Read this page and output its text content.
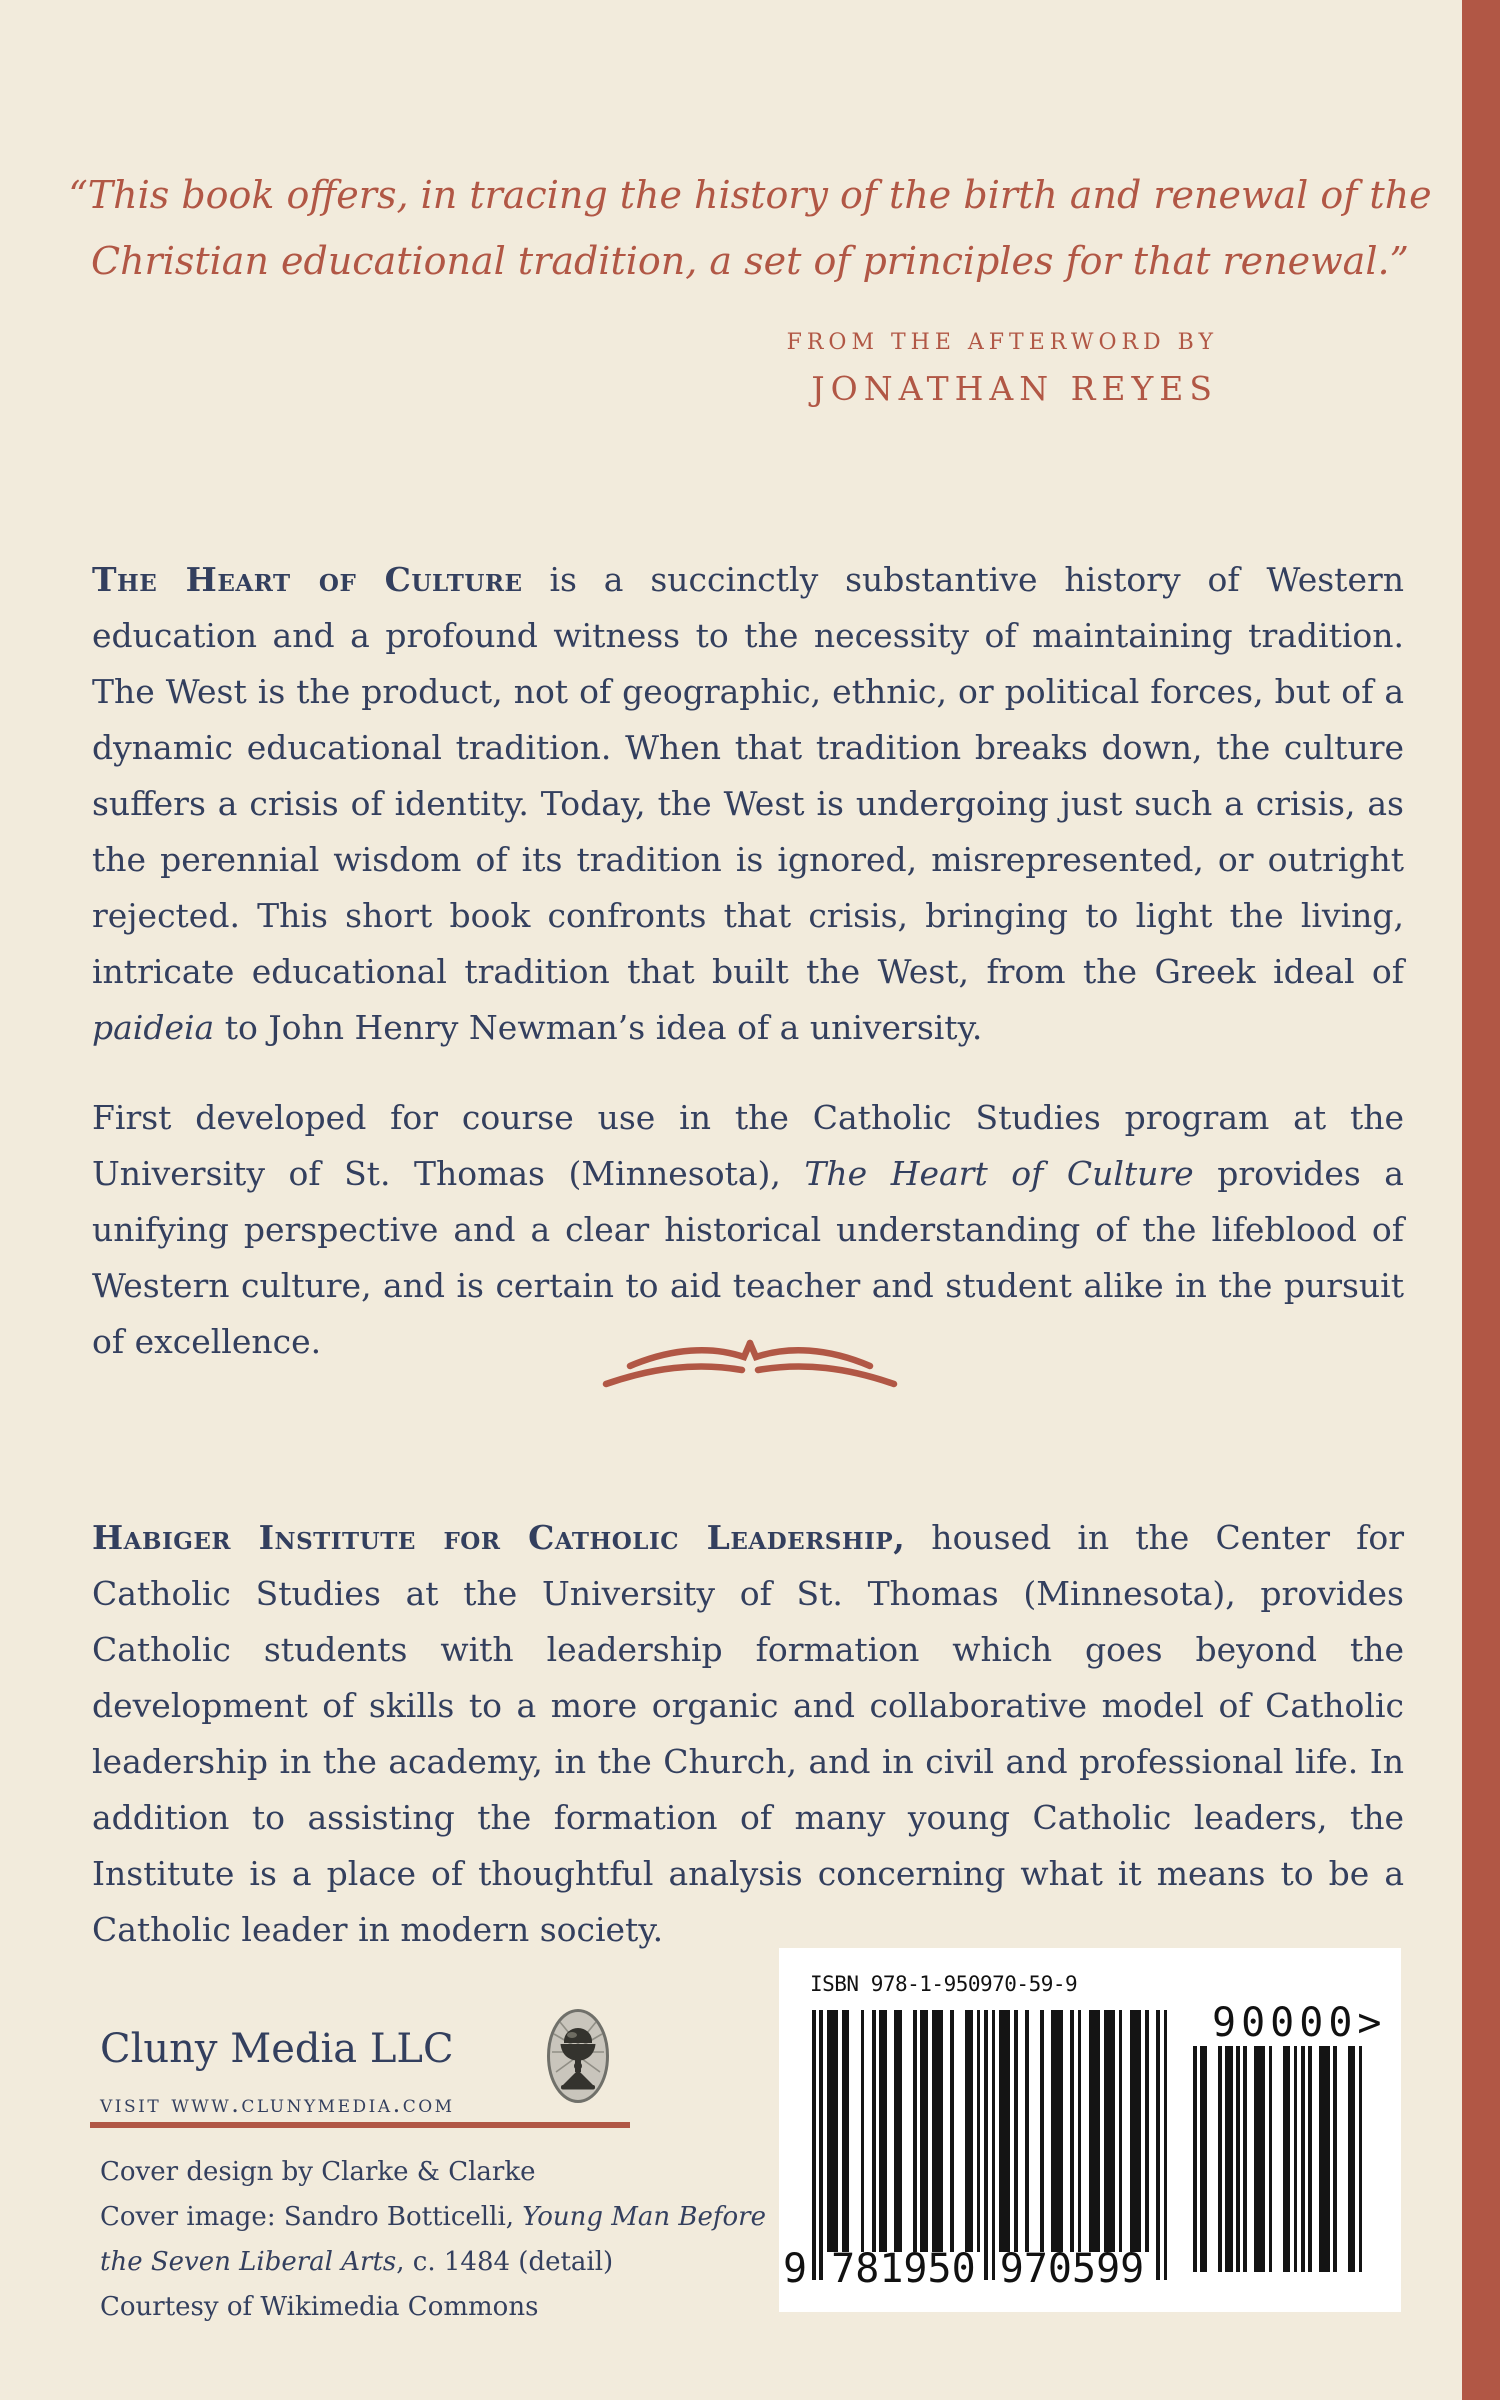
“This book offers, in tracing the history of the birth and renewal of the
Christian educational tradition, a set of principles for that renewal.”
FROM THE AFTERWORD BY
JONATHAN REYES
The Heart of Culture is a succinctly substantive history of Western education and a profound witness to the necessity of maintaining tradition. The West is the product, not of geographic, ethnic, or political forces, but of a dynamic educational tradition. When that tradition breaks down, the culture suffers a crisis of identity. Today, the West is undergoing just such a crisis, as the perennial wisdom of its tradition is ignored, misrepresented, or outright rejected. This short book confronts that crisis, bringing to light the living, intricate educational tradition that built the West, from the Greek ideal of paideia to John Henry Newman’s idea of a university.
First developed for course use in the Catholic Studies program at the University of St. Thomas (Minnesota), The Heart of Culture provides a unifying perspective and a clear historical understanding of the lifeblood of Western culture, and is certain to aid teacher and student alike in the pursuit of excellence.
Habiger Institute for Catholic Leadership, housed in the Center for Catholic Studies at the University of St. Thomas (Minnesota), provides Catholic students with leadership formation which goes beyond the development of skills to a more organic and collaborative model of Catholic leadership in the academy, in the Church, and in civil and professional life. In addition to assisting the formation of many young Catholic leaders, the Institute is a place of thoughtful analysis concerning what it means to be a Catholic leader in modern society.
Cluny Media LLC
visit www.clunymedia.com
Cover design by Clarke & Clarke
Cover image: Sandro Botticelli, Young Man Before
the Seven Liberal Arts, c. 1484 (detail)
Courtesy of Wikimedia Commons
ISBN 978-1-950970-59-9
9 781950 970599
90000>
